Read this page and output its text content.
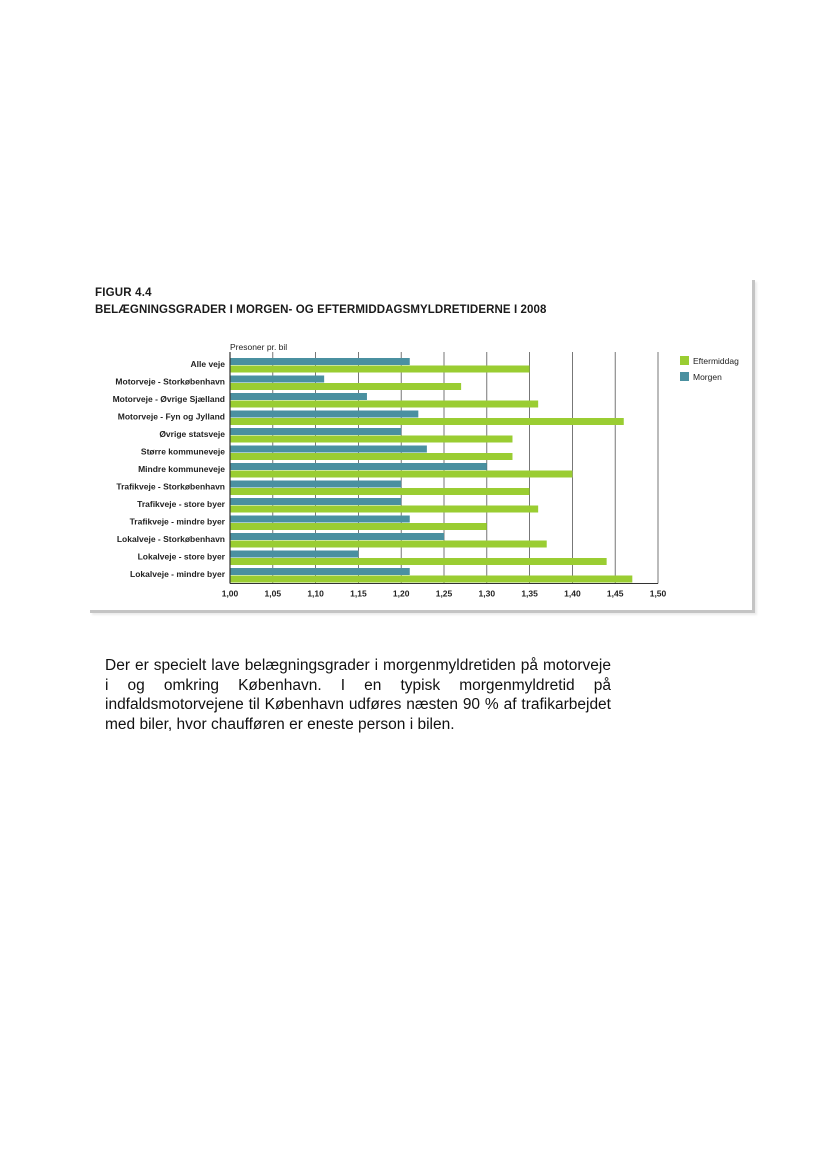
FIGUR 4.4

BELÆGNINGSGRADER I MORGEN- OG EFTERMIDDAGSMYLDRETIDERNE I 2008

Alle veje
Motorveje - Storkøbenhavn
Motorveje - Øvrige Sjælland
Motorveje - Fyn og Jylland
Øvrige statsveje
Større kommuneveje
Mindre kommuneveje
Trafikveje - Storkøbenhavn
Trafikveje - store byer
Trafikveje - mindre byer
Lokalveje - Storkøbenhavn
Lokalveje - store byer
Lokalveje - mindre byer
1,00	1,05	1,10	1,15	1,20	1,25	1,30	1,35	1,40	1,45	1,50
Eftermiddag
Morgen
Presoner pr. bil

Der er specielt lave belægningsgrader i morgenmyldretiden på motorveje i og omkring København. I en typisk morgenmyldretid på indfaldsmotorvejene til København udføres næsten 90 % af trafikarbejdet med biler, hvor chaufføren er eneste person i bilen.
